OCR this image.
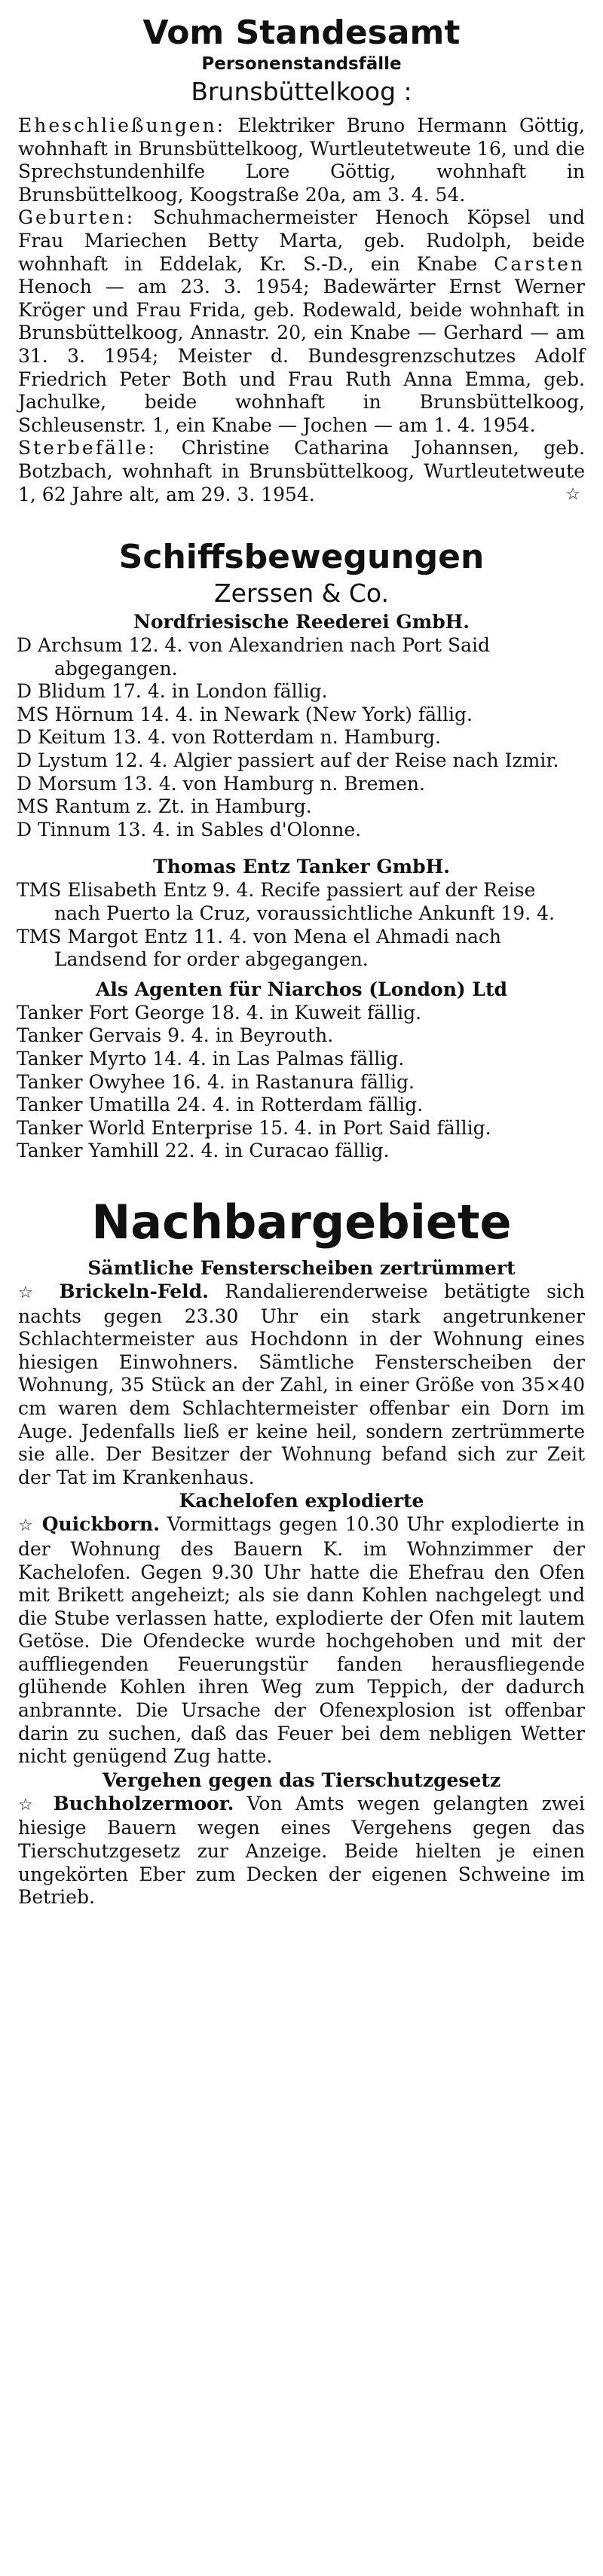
Vom Standesamt
Personenstandsfälle
Brunsbüttelkoog :

Eheschließungen: Elektriker Bruno Hermann Göttig, wohnhaft in Brunsbüttelkoog, Wurtleutetweute 16, und die Sprechstundenhilfe Lore Göttig, wohnhaft in Brunsbüttelkoog, Koogstraße 20a, am 3. 4. 54.

Geburten: Schuhmachermeister Henoch Köpsel und Frau Mariechen Betty Marta, geb. Rudolph, beide wohnhaft in Eddelak, Kr. S.-D., ein Knabe Carsten Henoch — am 23. 3. 1954; Badewärter Ernst Werner Kröger und Frau Frida, geb. Rodewald, beide wohnhaft in Brunsbüttelkoog, Annastr. 20, ein Knabe — Gerhard — am 31. 3. 1954; Meister d. Bundesgrenzschutzes Adolf Friedrich Peter Both und Frau Ruth Anna Emma, geb. Jachulke, beide wohnhaft in Brunsbüttelkoog, Schleusenstr. 1, ein Knabe — Jochen — am 1. 4. 1954.

Sterbefälle: Christine Catharina Johannsen, geb. Botzbach, wohnhaft in Brunsbüttelkoog, Wurtleutetweute 1, 62 Jahre alt, am 29. 3. 1954.	☆

Schiffsbewegungen
Zerssen & Co.
Nordfriesische Reederei GmbH.
D Archsum 12. 4. von Alexandrien nach Port Said abgegangen.
D Blidum 17. 4. in London fällig.
MS Hörnum 14. 4. in Newark (New York) fällig.
D Keitum 13. 4. von Rotterdam n. Hamburg.
D Lystum 12. 4. Algier passiert auf der Reise nach Izmir.
D Morsum 13. 4. von Hamburg n. Bremen.
MS Rantum z. Zt. in Hamburg.
D Tinnum 13. 4. in Sables d'Olonne.
Thomas Entz Tanker GmbH.
TMS Elisabeth Entz 9. 4. Recife passiert auf der Reise nach Puerto la Cruz, voraussichtliche Ankunft 19. 4.
TMS Margot Entz 11. 4. von Mena el Ahmadi nach Landsend for order abgegangen.
Als Agenten für Niarchos (London) Ltd
Tanker Fort George 18. 4. in Kuweit fällig.
Tanker Gervais 9. 4. in Beyrouth.
Tanker Myrto 14. 4. in Las Palmas fällig.
Tanker Owyhee 16. 4. in Rastanura fällig.
Tanker Umatilla 24. 4. in Rotterdam fällig.
Tanker World Enterprise 15. 4. in Port Said fällig.
Tanker Yamhill 22. 4. in Curacao fällig.
Nachbargebiete
Sämtliche Fensterscheiben zertrümmert

☆ Brickeln-Feld. Randalierenderweise betätigte sich nachts gegen 23.30 Uhr ein stark angetrunkener Schlachtermeister aus Hochdonn in der Wohnung eines hiesigen Einwohners. Sämtliche Fensterscheiben der Wohnung, 35 Stück an der Zahl, in einer Größe von 35×40 cm waren dem Schlachtermeister offenbar ein Dorn im Auge. Jedenfalls ließ er keine heil, sondern zertrümmerte sie alle. Der Besitzer der Wohnung befand sich zur Zeit der Tat im Krankenhaus.

Kachelofen explodierte

☆ Quickborn. Vormittags gegen 10.30 Uhr explodierte in der Wohnung des Bauern K. im Wohnzimmer der Kachelofen. Gegen 9.30 Uhr hatte die Ehefrau den Ofen mit Brikett angeheizt; als sie dann Kohlen nachgelegt und die Stube verlassen hatte, explodierte der Ofen mit lautem Getöse. Die Ofendecke wurde hochgehoben und mit der auffliegenden Feuerungstür fanden herausfliegende glühende Kohlen ihren Weg zum Teppich, der dadurch anbrannte. Die Ursache der Ofenexplosion ist offenbar darin zu suchen, daß das Feuer bei dem nebligen Wetter nicht genügend Zug hatte.

Vergehen gegen das Tierschutzgesetz

☆ Buchholzermoor. Von Amts wegen gelangten zwei hiesige Bauern wegen eines Vergehens gegen das Tierschutzgesetz zur Anzeige. Beide hielten je einen ungekörten Eber zum Decken der eigenen Schweine im Betrieb.
